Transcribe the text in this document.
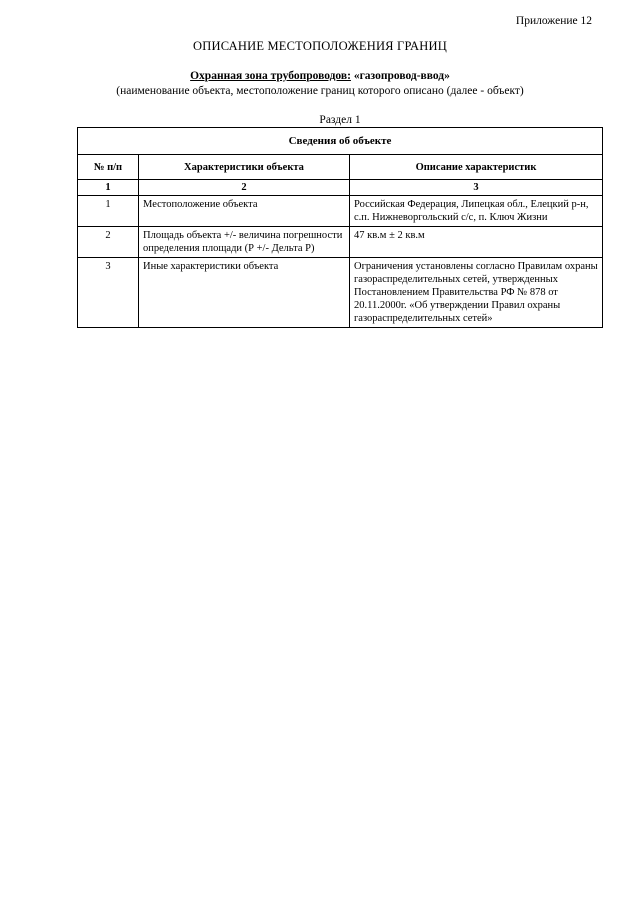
Приложение 12
ОПИСАНИЕ МЕСТОПОЛОЖЕНИЯ ГРАНИЦ
Охранная зона трубопроводов: «газопровод-ввод»
(наименование объекта, местоположение границ которого описано (далее - объект)
Раздел 1
Сведения об объекте		
№ п/п	Характеристики объекта	Описание характеристик
1	2	3
1	Местоположение объекта	Российская Федерация, Липецкая обл., Елецкий р-н, с.п. Нижневоргольский с/с, п. Ключ Жизни
2	Площадь объекта +/- величина погрешности определения площади (Р +/- Дельта Р)	47 кв.м ± 2 кв.м
3	Иные характеристики объекта	Ограничения установлены согласно Правилам охраны газораспределительных сетей, утвержденных Постановлением Правительства РФ № 878 от 20.11.2000г. «Об утверждении Правил охраны газораспределительных сетей»
